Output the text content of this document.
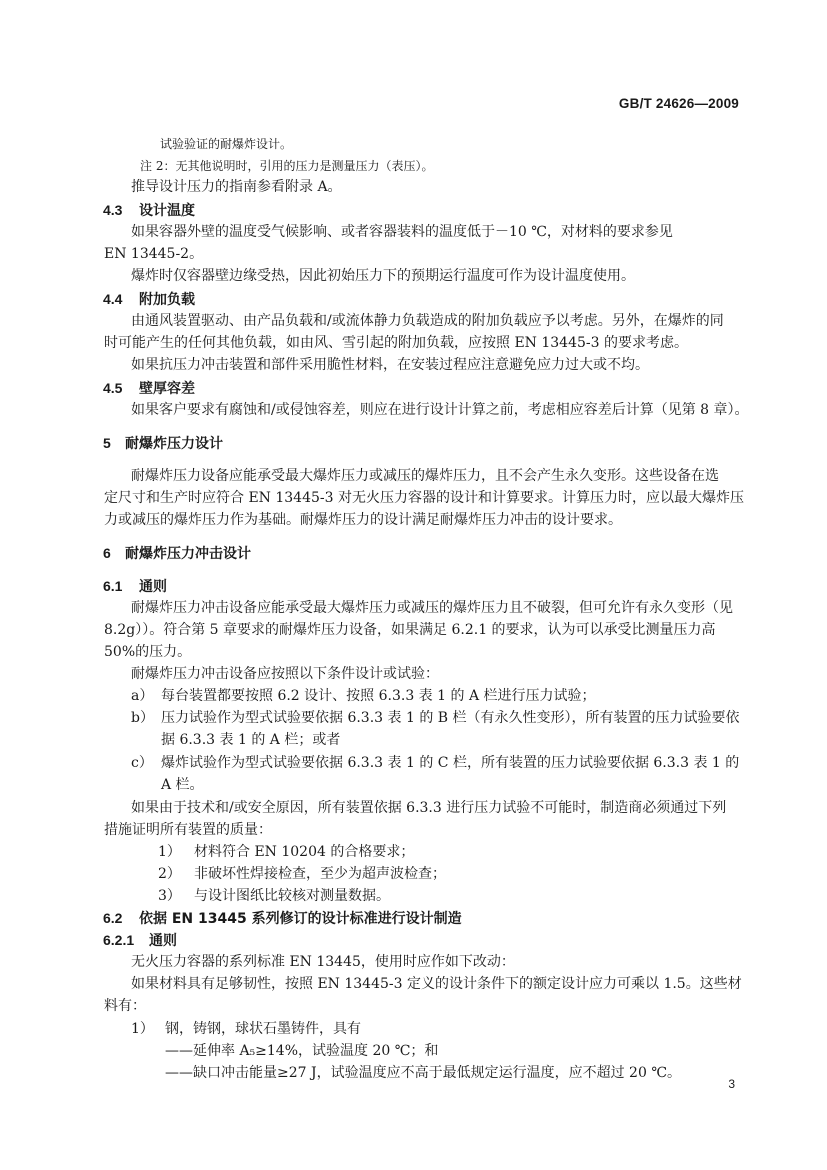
GB/T 24626—2009
试验验证的耐爆炸设计。
注 2：无其他说明时，引用的压力是测量压力（表压）。
推导设计压力的指南参看附录 A。
4.3 设计温度
如果容器外壁的温度受气候影响、或者容器装料的温度低于－10 ℃，对材料的要求参见
EN 13445-2。
爆炸时仅容器壁边缘受热，因此初始压力下的预期运行温度可作为设计温度使用。
4.4 附加负载
由通风装置驱动、由产品负载和/或流体静力负载造成的附加负载应予以考虑。另外，在爆炸的同
时可能产生的任何其他负载，如由风、雪引起的附加负载，应按照 EN 13445-3 的要求考虑。
如果抗压力冲击装置和部件采用脆性材料，在安装过程应注意避免应力过大或不均。
4.5 壁厚容差
如果客户要求有腐蚀和/或侵蚀容差，则应在进行设计计算之前，考虑相应容差后计算（见第 8 章）。
5 耐爆炸压力设计
耐爆炸压力设备应能承受最大爆炸压力或减压的爆炸压力，且不会产生永久变形。这些设备在选
定尺寸和生产时应符合 EN 13445-3 对无火压力容器的设计和计算要求。计算压力时，应以最大爆炸压
力或减压的爆炸压力作为基础。耐爆炸压力的设计满足耐爆炸压力冲击的设计要求。
6 耐爆炸压力冲击设计
6.1 通则
耐爆炸压力冲击设备应能承受最大爆炸压力或减压的爆炸压力且不破裂，但可允许有永久变形（见
8.2g））。符合第 5 章要求的耐爆炸压力设备，如果满足 6.2.1 的要求，认为可以承受比测量压力高
50%的压力。
耐爆炸压力冲击设备应按照以下条件设计或试验：
a） 每台装置都要按照 6.2 设计、按照 6.3.3 表 1 的 A 栏进行压力试验；
b） 压力试验作为型式试验要依据 6.3.3 表 1 的 B 栏（有永久性变形），所有装置的压力试验要依
据 6.3.3 表 1 的 A 栏；或者
c） 爆炸试验作为型式试验要依据 6.3.3 表 1 的 C 栏，所有装置的压力试验要依据 6.3.3 表 1 的
A 栏。
如果由于技术和/或安全原因，所有装置依据 6.3.3 进行压力试验不可能时，制造商必须通过下列
措施证明所有装置的质量：
1） 材料符合 EN 10204 的合格要求；
2） 非破坏性焊接检查，至少为超声波检查；
3） 与设计图纸比较核对测量数据。
6.2 依据 EN 13445 系列修订的设计标准进行设计制造
6.2.1 通则
无火压力容器的系列标准 EN 13445，使用时应作如下改动：
如果材料具有足够韧性，按照 EN 13445-3 定义的设计条件下的额定设计应力可乘以 1.5。这些材
料有：
1） 钢，铸钢，球状石墨铸件，具有
——延伸率 A₅≥14%，试验温度 20 ℃；和
——缺口冲击能量≥27 J，试验温度应不高于最低规定运行温度，应不超过 20 ℃。
3
